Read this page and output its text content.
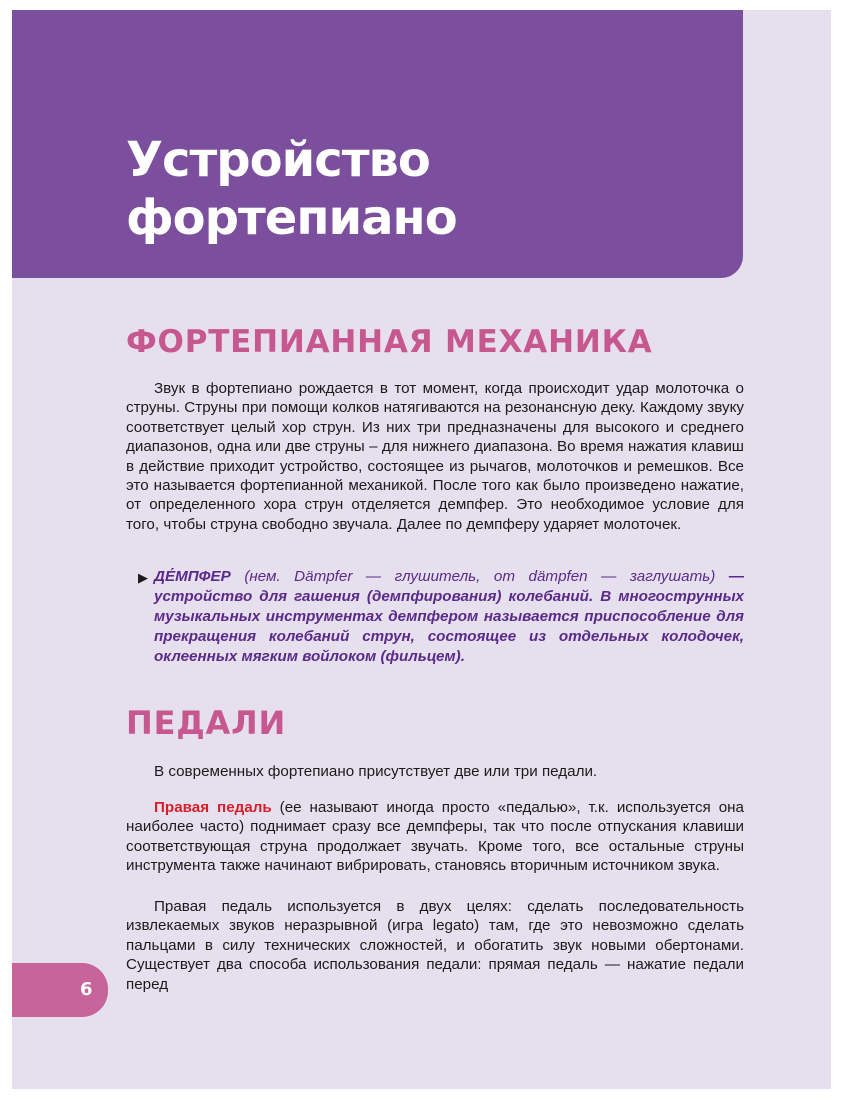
Устройство
фортепиано
ФОРТЕПИАННАЯ МЕХАНИКА

Звук в фортепиано рождается в тот момент, когда происходит удар молоточка о струны. Струны при помощи колков натягиваются на резонансную деку. Каждому звуку соответствует целый хор струн. Из них три предназначены для высокого и среднего диапазонов, одна или две струны – для нижнего диапазона. Во время нажатия клавиш в действие приходит устройство, состоящее из рычагов, молоточков и ремешков. Все это называется фортепианной механикой. После того как было произведено нажатие, от определенного хора струн отделяется демпфер. Это необходимое условие для того, чтобы струна свободно звучала. Далее по демпферу ударяет молоточек.

▶ ДЕ́МПФЕР (нем. Dämpfer — глушитель, от dämpfen — заглушать) — устройство для гашения (демпфирования) колебаний. В многострунных музыкальных инструментах демпфером называется приспособление для прекращения колебаний струн, состоящее из отдельных колодочек, оклеенных мягким войлоком (фильцем).
ПЕДАЛИ

В современных фортепиано присутствует две или три педали.

Правая педаль (ее называют иногда просто «педалью», т.к. используется она наиболее часто) поднимает сразу все демпферы, так что после отпускания клавиши соответствующая струна продолжает звучать. Кроме того, все остальные струны инструмента также начинают вибрировать, становясь вторичным источником звука.

Правая педаль используется в двух целях: сделать последовательность извлекаемых звуков неразрывной (игра legato) там, где это невозможно сделать пальцами в силу технических сложностей, и обогатить звук новыми обертонами. Существует два способа использования педали: прямая педаль — нажатие педали перед

6
